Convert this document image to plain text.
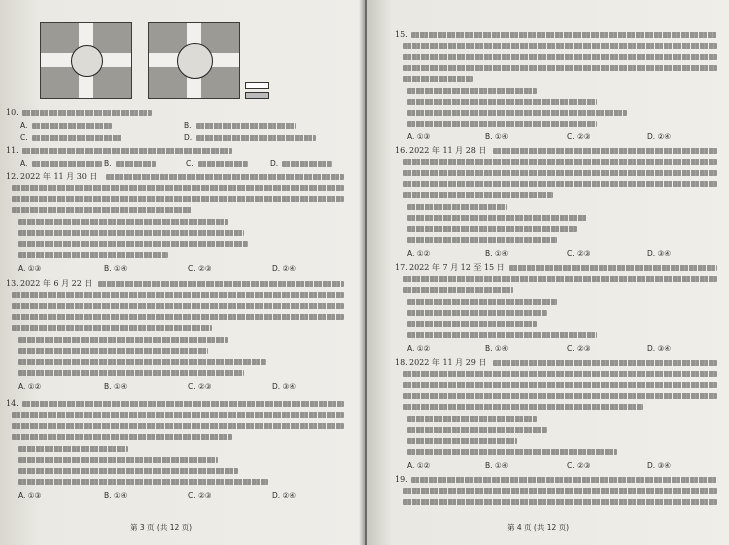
10.
A.	B.
C.	D.
11.
A.	B.	C.	D.
12. 2022 年 11 月 30 日
A. ①③	B. ①④	C. ②③	D. ②④
13. 2022 年 6 月 22 日
A. ①②	B. ①④	C. ②③	D. ③④
14.
A. ①③	B. ①④	C. ②③	D. ②④
第 3 页 (共 12 页)
15.
A. ①③	B. ①④	C. ②③	D. ②④
16. 2022 年 11 月 28 日
A. ①②	B. ①④	C. ②③	D. ③④
17. 2022 年 7 月 12 至 15 日
A. ①②	B. ①④	C. ②③	D. ③④
18. 2022 年 11 月 29 日
A. ①②	B. ①④	C. ②③	D. ③④
19.
第 4 页 (共 12 页)
